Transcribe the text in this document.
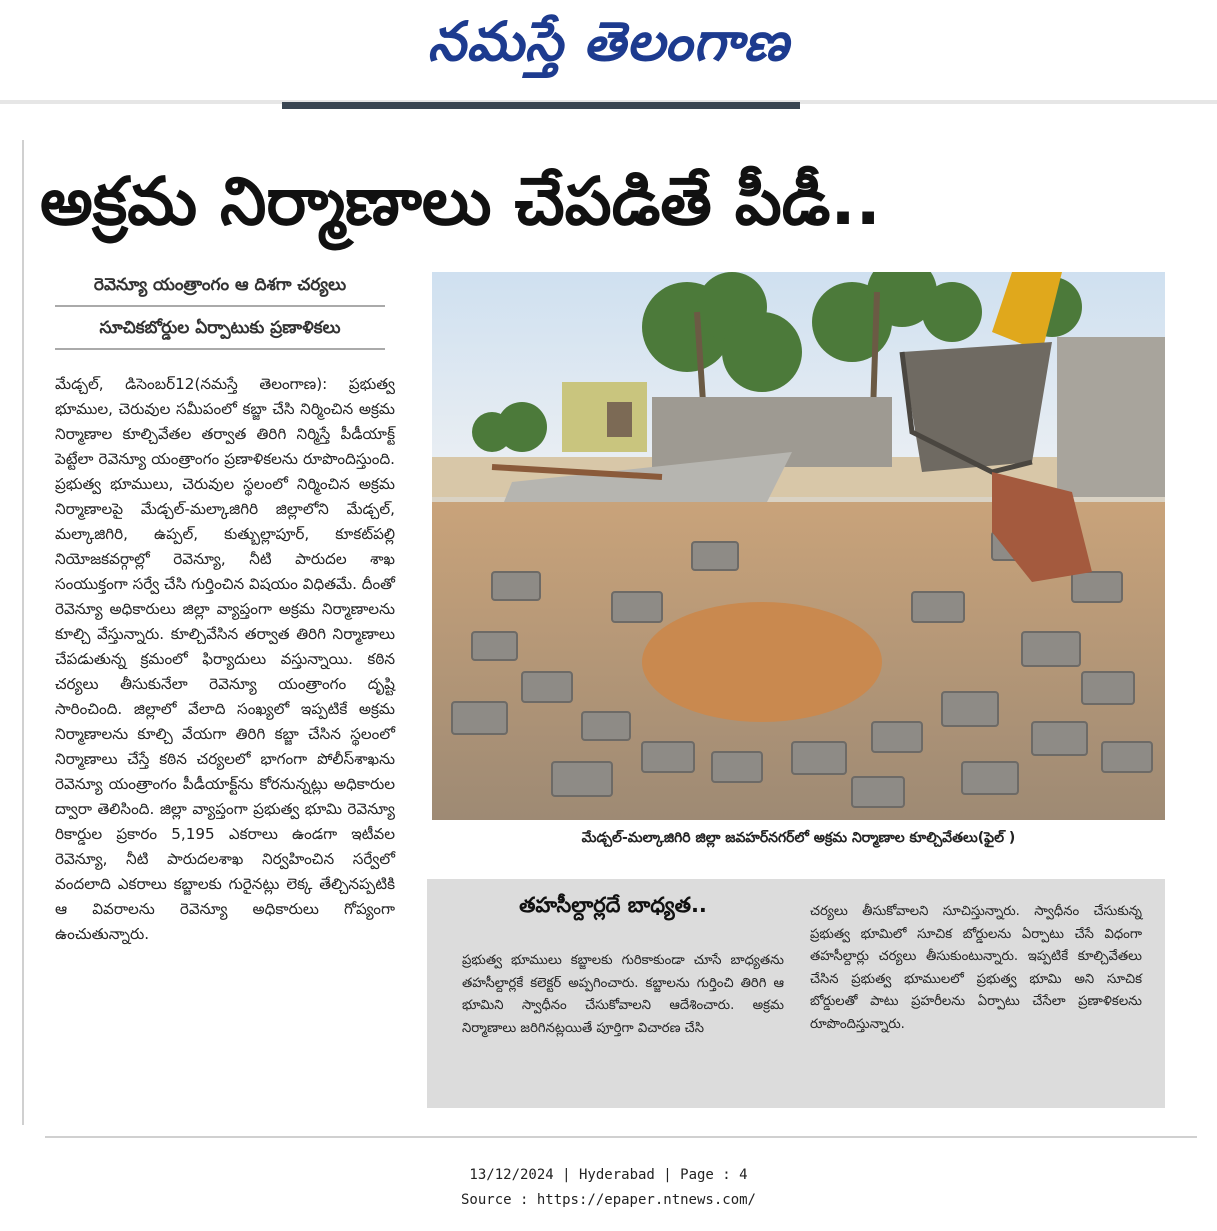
నమస్తే తెలంగాణ
అక్రమ నిర్మాణాలు చేపడితే పీడీ..
రెవెన్యూ యంత్రాంగం ఆ దిశగా చర్యలు
సూచికబోర్డుల ఏర్పాటుకు ప్రణాళికలు
మేడ్చల్, డిసెంబర్12(నమస్తే తెలంగాణ): ప్రభుత్వ భూముల, చెరువుల సమీపంలో కబ్జా చేసి నిర్మించిన అక్రమ నిర్మాణాల కూల్చివేతల తర్వాత తిరిగి నిర్మిస్తే పీడీయాక్ట్ పెట్టేలా రెవెన్యూ యంత్రాంగం ప్రణాళికలను రూపొందిస్తుంది. ప్రభుత్వ భూములు, చెరువుల స్థలంలో నిర్మించిన అక్రమ నిర్మాణాలపై మేడ్చల్-మల్కాజిగిరి జిల్లాలోని మేడ్చల్, మల్కాజిగిరి, ఉప్పల్, కుత్బుల్లాపూర్, కూకట్‌పల్లి నియోజకవర్గాల్లో రెవెన్యూ, నీటి పారుదల శాఖ సంయుక్తంగా సర్వే చేసి గుర్తించిన విషయం విధితమే. దీంతో రెవెన్యూ అధికారులు జిల్లా వ్యాప్తంగా అక్రమ నిర్మాణాలను కూల్చి వేస్తున్నారు. కూల్చివేసిన తర్వాత తిరిగి నిర్మాణాలు చేపడుతున్న క్రమంలో ఫిర్యాదులు వస్తున్నాయి. కఠిన చర్యలు తీసుకునేలా రెవెన్యూ యంత్రాంగం దృష్టి సారించింది. జిల్లాలో వేలాది సంఖ్యలో ఇప్పటికే అక్రమ నిర్మాణాలను కూల్చి వేయగా తిరిగి కబ్జా చేసిన స్థలంలో నిర్మాణాలు చేస్తే కఠిన చర్యలలో భాగంగా పోలీస్‌శాఖను రెవెన్యూ యంత్రాంగం పీడీయాక్ట్‌ను కోరనున్నట్లు అధికారుల ద్వారా తెలిసింది. జిల్లా వ్యాప్తంగా ప్రభుత్వ భూమి రెవెన్యూ రికార్డుల ప్రకారం 5,195 ఎకరాలు ఉండగా ఇటీవల రెవెన్యూ, నీటి పారుదలశాఖ నిర్వహించిన సర్వేలో వందలాది ఎకరాలు కబ్జాలకు గురైనట్లు లెక్క తేల్చినప్పటికి ఆ వివరాలను రెవెన్యూ అధికారులు గోప్యంగా ఉంచుతున్నారు.
మేడ్చల్-మల్కాజిగిరి జిల్లా జవహర్‌నగర్‌లో అక్రమ నిర్మాణాల కూల్చివేతలు(ఫైల్ )
తహసీల్దార్లదే బాధ్యత..
ప్రభుత్వ భూములు కబ్జాలకు గురికాకుండా చూసే బాధ్యతను తహసీల్దార్లకే కలెక్టర్ అప్పగించారు. కబ్జాలను గుర్తించి తిరిగి ఆ భూమిని స్వాధీనం చేసుకోవాలని ఆదేశించారు. అక్రమ నిర్మాణాలు జరిగినట్లయితే పూర్తిగా విచారణ చేసి
చర్యలు తీసుకోవాలని సూచిస్తున్నారు. స్వాధీనం చేసుకున్న ప్రభుత్వ భూమిలో సూచిక బోర్డులను ఏర్పాటు చేసే విధంగా తహసీల్దార్లు చర్యలు తీసుకుంటున్నారు. ఇప్పటికే కూల్చివేతలు చేసిన ప్రభుత్వ భూములలో ప్రభుత్వ భూమి అని సూచిక బోర్డులతో పాటు ప్రహరీలను ఏర్పాటు చేసేలా ప్రణాళికలను రూపొందిస్తున్నారు.
13/12/2024 | Hyderabad | Page : 4
Source : https://epaper.ntnews.com/
